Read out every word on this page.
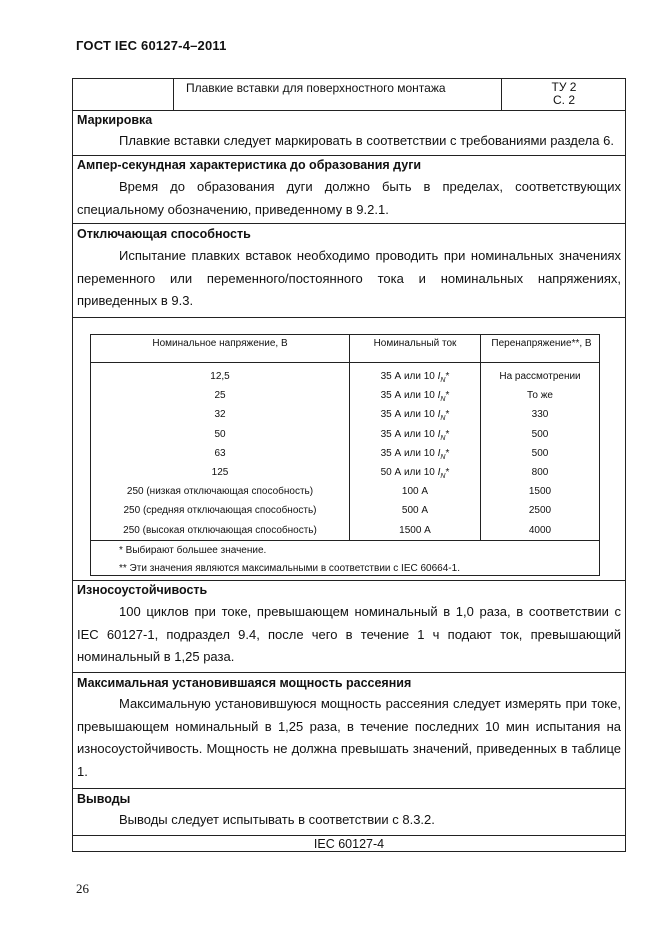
ГОСТ IEC 60127-4–2011
Плавкие вставки для поверхностного монтажа	ТУ 2
С. 2
Маркировка
Плавкие вставки следует маркировать в соответствии с требованиями раздела 6.
Ампер-секундная характеристика до образования дуги
Время до образования дуги должно быть в пределах, соответствующих специальному обозначению, приведенному в 9.2.1.
Отключающая способность
Испытание плавких вставок необходимо проводить при номинальных значениях переменного или переменного/постоянного тока и номинальных напряжениях, приведенных в 9.3.
Номинальное напряжение, В	Номинальный ток	Перенапряжение**, В
12,5	35 А или 10 $I_N*$	На рассмотрении
25	35 А или 10 $I_N*$	То же
32	35 А или 10 $I_N*$	330
50	35 А или 10 $I_N*$	500
63	35 А или 10 $I_N*$	500
125	50 А или 10 $I_N*$	800
250 (низкая отключающая способность)	100 А	1500
250 (средняя отключающая способность)	500 А	2500
250 (высокая отключающая способность)	1500 А	4000
* Выбирают большее значение.
** Эти значения являются максимальными в соответствии с IEC 60664-1.
Износоустойчивость
100 циклов при токе, превышающем номинальный в 1,0 раза, в соответствии с IEC 60127-1, подраздел 9.4, после чего в течение 1 ч подают ток, превышающий номинальный в 1,25 раза.
Максимальная установившаяся мощность рассеяния
Максимальную установившуюся мощность рассеяния следует измерять при токе, превышающем номинальный в 1,25 раза, в течение последних 10 мин испытания на износоустойчивость. Мощность не должна превышать значений, приведенных в таблице 1.
Выводы
Выводы следует испытывать в соответствии с 8.3.2.
IEC 60127-4
26
